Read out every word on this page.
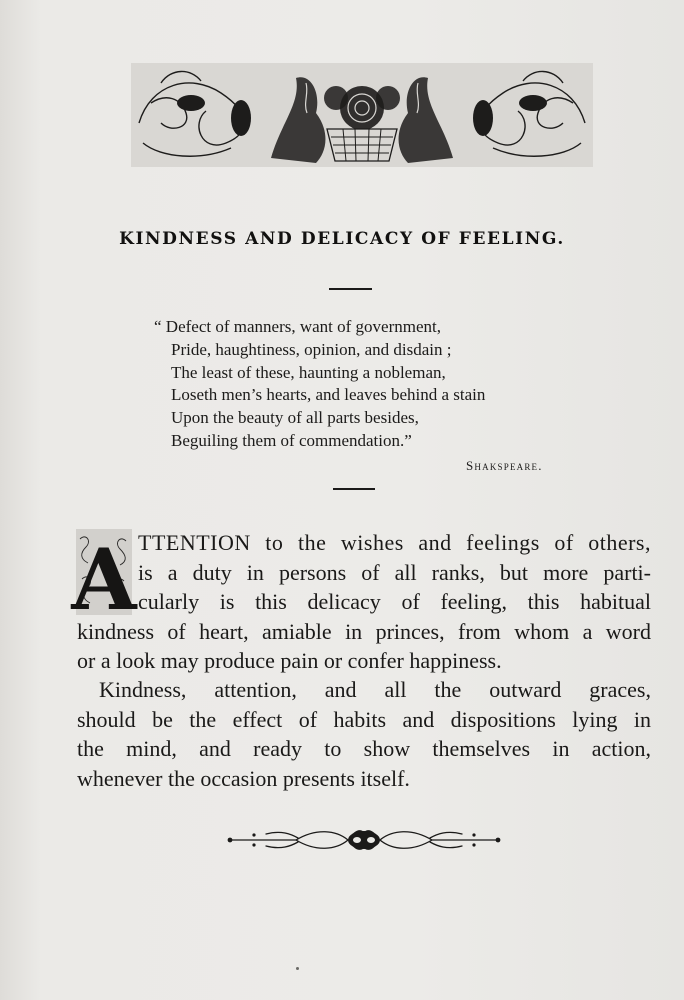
KINDNESS AND DELICACY OF FEELING.
“ Defect of manners, want of government,
Pride, haughtiness, opinion, and disdain ;
The least of these, haunting a nobleman,
Loseth men’s hearts, and leaves behind a stain
Upon the beauty of all parts besides,
Beguiling them of commendation.”
Shakspeare.
A TTENTION to the wishes and feelings of others,
is a duty in persons of all ranks, but more parti-
cularly is this delicacy of feeling, this habitual
kindness of heart, amiable in princes, from whom a word
or a look may produce pain or confer happiness.
Kindness, attention, and all the outward graces,
should be the effect of habits and dispositions lying in
the mind, and ready to show themselves in action,
whenever the occasion presents itself.
